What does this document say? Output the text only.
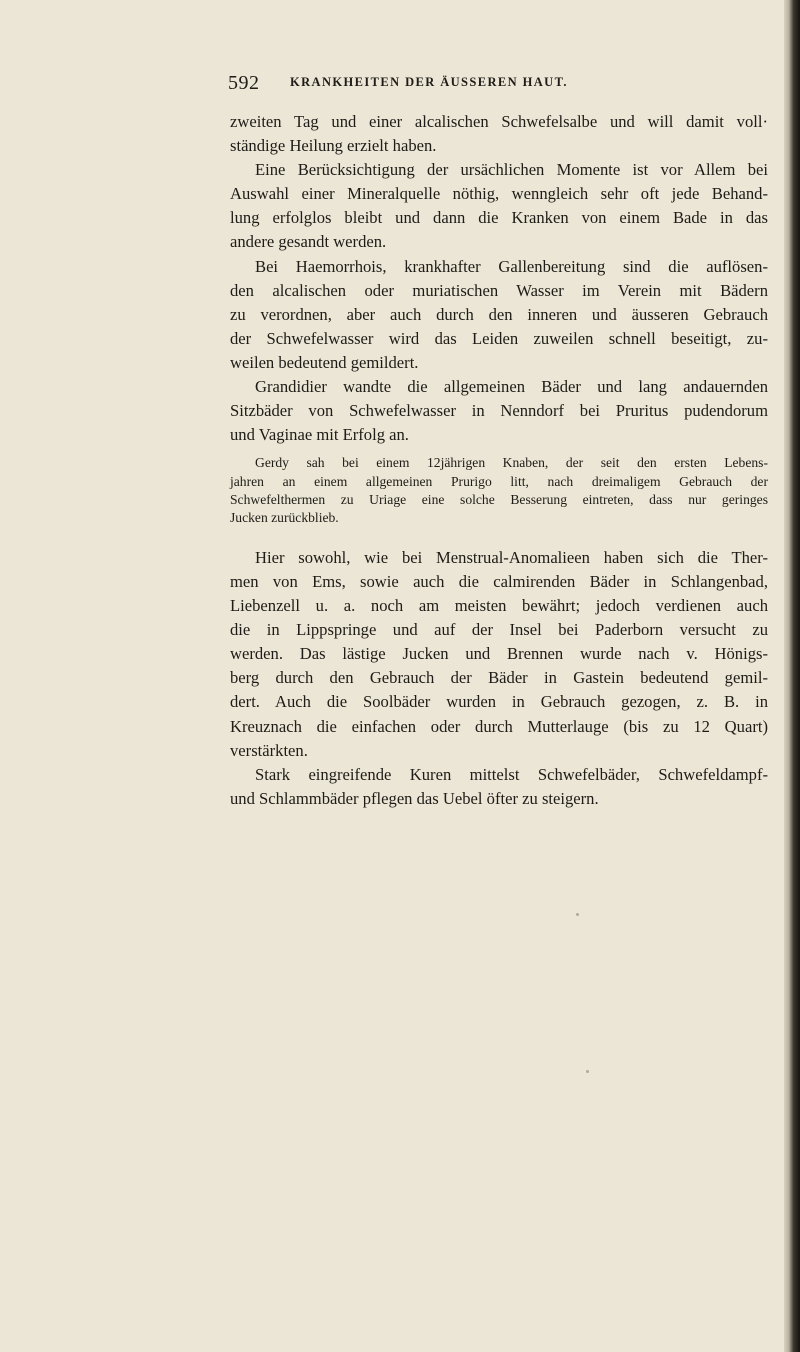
592 KRANKHEITEN DER ÄUSSEREN HAUT.
zweiten Tag und einer alcalischen Schwefelsalbe und will damit voll·
ständige Heilung erzielt haben.
Eine Berücksichtigung der ursächlichen Momente ist vor Allem bei
Auswahl einer Mineralquelle nöthig, wenngleich sehr oft jede Behand-
lung erfolglos bleibt und dann die Kranken von einem Bade in das
andere gesandt werden.
Bei Haemorrhois, krankhafter Gallenbereitung sind die auflösen-
den alcalischen oder muriatischen Wasser im Verein mit Bädern
zu verordnen, aber auch durch den inneren und äusseren Gebrauch
der Schwefelwasser wird das Leiden zuweilen schnell beseitigt, zu-
weilen bedeutend gemildert.
Grandidier wandte die allgemeinen Bäder und lang andauernden
Sitzbäder von Schwefelwasser in Nenndorf bei Pruritus pudendorum
und Vaginae mit Erfolg an.
Gerdy sah bei einem 12jährigen Knaben, der seit den ersten Lebens-
jahren an einem allgemeinen Prurigo litt, nach dreimaligem Gebrauch der
Schwefelthermen zu Uriage eine solche Besserung eintreten, dass nur geringes
Jucken zurückblieb.
Hier sowohl, wie bei Menstrual-Anomalieen haben sich die Ther-
men von Ems, sowie auch die calmirenden Bäder in Schlangenbad,
Liebenzell u. a. noch am meisten bewährt; jedoch verdienen auch
die in Lippspringe und auf der Insel bei Paderborn versucht zu
werden. Das lästige Jucken und Brennen wurde nach v. Hönigs-
berg durch den Gebrauch der Bäder in Gastein bedeutend gemil-
dert. Auch die Soolbäder wurden in Gebrauch gezogen, z. B. in
Kreuznach die einfachen oder durch Mutterlauge (bis zu 12 Quart)
verstärkten.
Stark eingreifende Kuren mittelst Schwefelbäder, Schwefeldampf-
und Schlammbäder pflegen das Uebel öfter zu steigern.
